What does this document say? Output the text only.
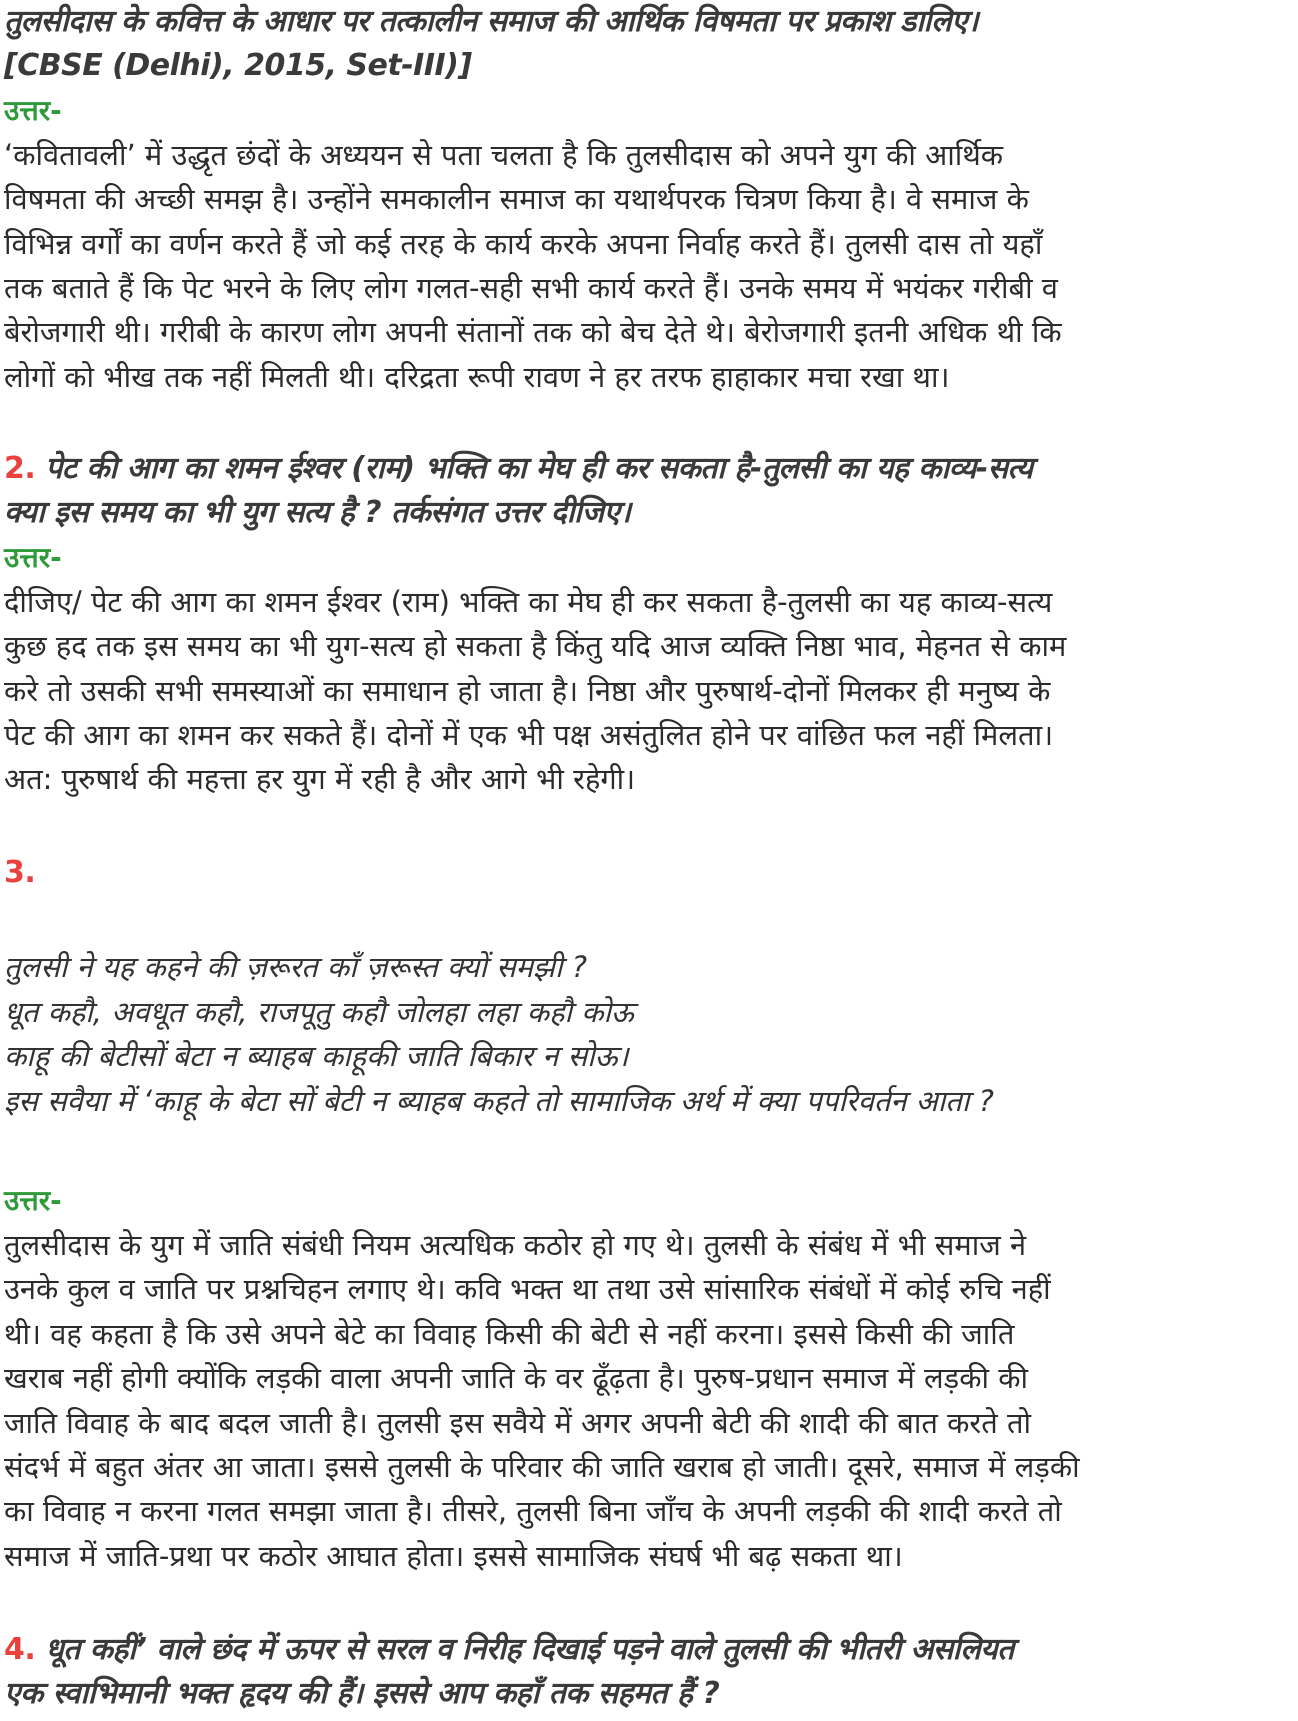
तुलसीदास के कवित्त के आधार पर तत्कालीन समाज की आर्थिक विषमता पर प्रकाश डालिए।
[CBSE (Delhi), 2015, Set-III)]
उत्तर-
‘कवितावली’ में उद्धृत छंदों के अध्ययन से पता चलता है कि तुलसीदास को अपने युग की आर्थिक
विषमता की अच्छी समझ है। उन्होंने समकालीन समाज का यथार्थपरक चित्रण किया है। वे समाज के
विभिन्न वर्गों का वर्णन करते हैं जो कई तरह के कार्य करके अपना निर्वाह करते हैं। तुलसी दास तो यहाँ
तक बताते हैं कि पेट भरने के लिए लोग गलत-सही सभी कार्य करते हैं। उनके समय में भयंकर गरीबी व
बेरोजगारी थी। गरीबी के कारण लोग अपनी संतानों तक को बेच देते थे। बेरोजगारी इतनी अधिक थी कि
लोगों को भीख तक नहीं मिलती थी। दरिद्रता रूपी रावण ने हर तरफ हाहाकार मचा रखा था।
2. पेट की आग का शमन ईश्वर (राम) भक्ति का मेघ ही कर सकता है-तुलसी का यह काव्य-सत्य
क्या इस समय का भी युग सत्य है ? तर्कसंगत उत्तर दीजिए।
उत्तर-
दीजिए/ पेट की आग का शमन ईश्वर (राम) भक्ति का मेघ ही कर सकता है-तुलसी का यह काव्य-सत्य
कुछ हद तक इस समय का भी युग-सत्य हो सकता है किंतु यदि आज व्यक्ति निष्ठा भाव, मेहनत से काम
करे तो उसकी सभी समस्याओं का समाधान हो जाता है। निष्ठा और पुरुषार्थ-दोनों मिलकर ही मनुष्य के
पेट की आग का शमन कर सकते हैं। दोनों में एक भी पक्ष असंतुलित होने पर वांछित फल नहीं मिलता।
अत: पुरुषार्थ की महत्ता हर युग में रही है और आगे भी रहेगी।
3.
तुलसी ने यह कहने की ज़रूरत काँ ज़रूस्त क्यों समझी ?
धूत कहौ, अवधूत कहौ, राजपूतु कहौ जोलहा लहा कहौ कोऊ
काहू की बेटीसों बेटा न ब्याहब काहूकी जाति बिकार न सोऊ।
इस सवैया में ‘काहू के बेटा सों बेटी न ब्याहब कहते तो सामाजिक अर्थ में क्या पपरिवर्तन आता ?
उत्तर-
तुलसीदास के युग में जाति संबंधी नियम अत्यधिक कठोर हो गए थे। तुलसी के संबंध में भी समाज ने
उनके कुल व जाति पर प्रश्नचिहन लगाए थे। कवि भक्त था तथा उसे सांसारिक संबंधों में कोई रुचि नहीं
थी। वह कहता है कि उसे अपने बेटे का विवाह किसी की बेटी से नहीं करना। इससे किसी की जाति
खराब नहीं होगी क्योंकि लड़की वाला अपनी जाति के वर ढूँढ़ता है। पुरुष-प्रधान समाज में लड़की की
जाति विवाह के बाद बदल जाती है। तुलसी इस सवैये में अगर अपनी बेटी की शादी की बात करते तो
संदर्भ में बहुत अंतर आ जाता। इससे तुलसी के परिवार की जाति खराब हो जाती। दूसरे, समाज में लड़की
का विवाह न करना गलत समझा जाता है। तीसरे, तुलसी बिना जाँच के अपनी लड़की की शादी करते तो
समाज में जाति-प्रथा पर कठोर आघात होता। इससे सामाजिक संघर्ष भी बढ़ सकता था।
4. धूत कहीं’ वाले छंद में ऊपर से सरल व निरीह दिखाई पड़ने वाले तुलसी की भीतरी असलियत
एक स्वाभिमानी भक्त हृदय की हैं। इससे आप कहाँ तक सहमत हैं ?
